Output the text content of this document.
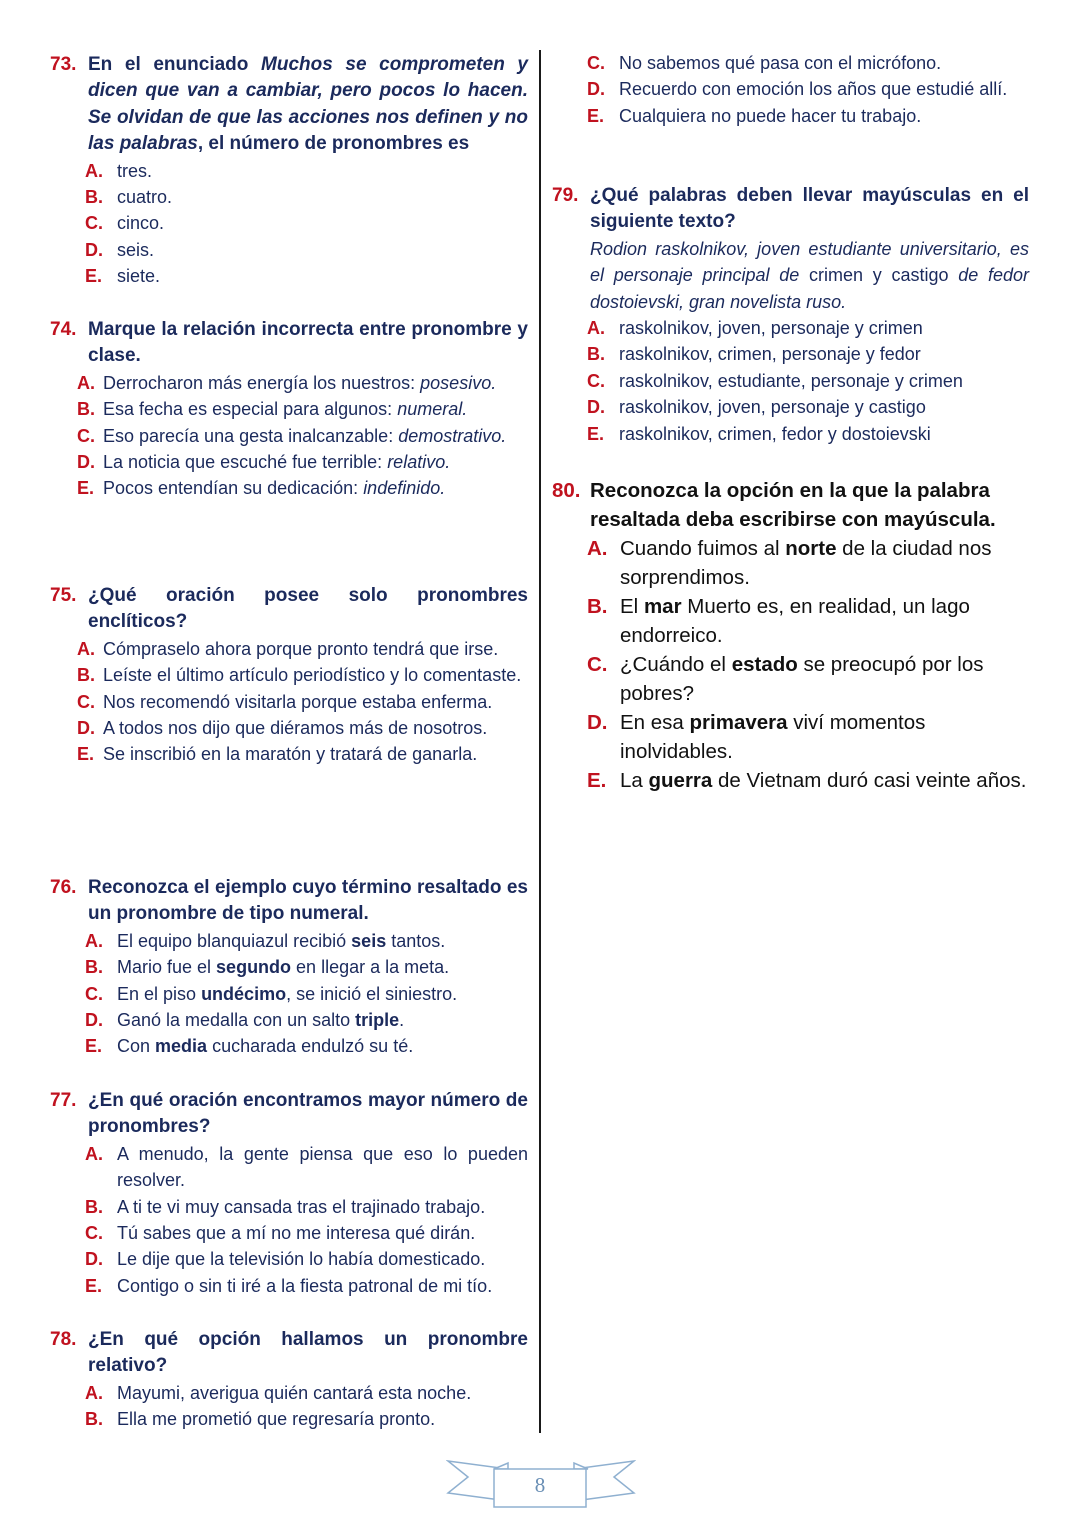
73. En el enunciado Muchos se comprometen y dicen que van a cambiar, pero pocos lo hacen. Se olvidan de que las acciones nos definen y no las palabras, el número de pronombres es
A. tres.
B. cuatro.
C. cinco.
D. seis.
E. siete.
74. Marque la relación incorrecta entre pronombre y clase.
A. Derrocharon más energía los nuestros: posesivo.
B. Esa fecha es especial para algunos: numeral.
C. Eso parecía una gesta inalcanzable: demostrativo.
D. La noticia que escuché fue terrible: relativo.
E. Pocos entendían su dedicación: indefinido.
75. ¿Qué oración posee solo pronombres enclíticos?
A. Cómpraselo ahora porque pronto tendrá que irse.
B. Leíste el último artículo periodístico y lo comentaste.
C. Nos recomendó visitarla porque estaba enferma.
D. A todos nos dijo que diéramos más de nosotros.
E. Se inscribió en la maratón y tratará de ganarla.
76. Reconozca el ejemplo cuyo término resaltado es un pronombre de tipo numeral.
A. El equipo blanquiazul recibió seis tantos.
B. Mario fue el segundo en llegar a la meta.
C. En el piso undécimo, se inició el siniestro.
D. Ganó la medalla con un salto triple.
E. Con media cucharada endulzó su té.
77. ¿En qué oración encontramos mayor número de pronombres?
A. A menudo, la gente piensa que eso lo pueden resolver.
B. A ti te vi muy cansada tras el trajinado trabajo.
C. Tú sabes que a mí no me interesa qué dirán.
D. Le dije que la televisión lo había domesticado.
E. Contigo o sin ti iré a la fiesta patronal de mi tío.
78. ¿En qué opción hallamos un pronombre relativo?
A. Mayumi, averigua quién cantará esta noche.
B. Ella me prometió que regresaría pronto.
C. No sabemos qué pasa con el micrófono.
D. Recuerdo con emoción los años que estudié allí.
E. Cualquiera no puede hacer tu trabajo.
79. ¿Qué palabras deben llevar mayúsculas en el siguiente texto?
Rodion raskolnikov, joven estudiante universitario, es el personaje principal de crimen y castigo de fedor dostoievski, gran novelista ruso.
A. raskolnikov, joven, personaje y crimen
B. raskolnikov, crimen, personaje y fedor
C. raskolnikov, estudiante, personaje y crimen
D. raskolnikov, joven, personaje y castigo
E. raskolnikov, crimen, fedor y dostoievski
80. Reconozca la opción en la que la palabra resaltada deba escribirse con mayúscula.
A. Cuando fuimos al norte de la ciudad nos sorprendimos.
B. El mar Muerto es, en realidad, un lago endorreico.
C. ¿Cuándo el estado se preocupó por los pobres?
D. En esa primavera viví momentos inolvidables.
E. La guerra de Vietnam duró casi veinte años.
8
